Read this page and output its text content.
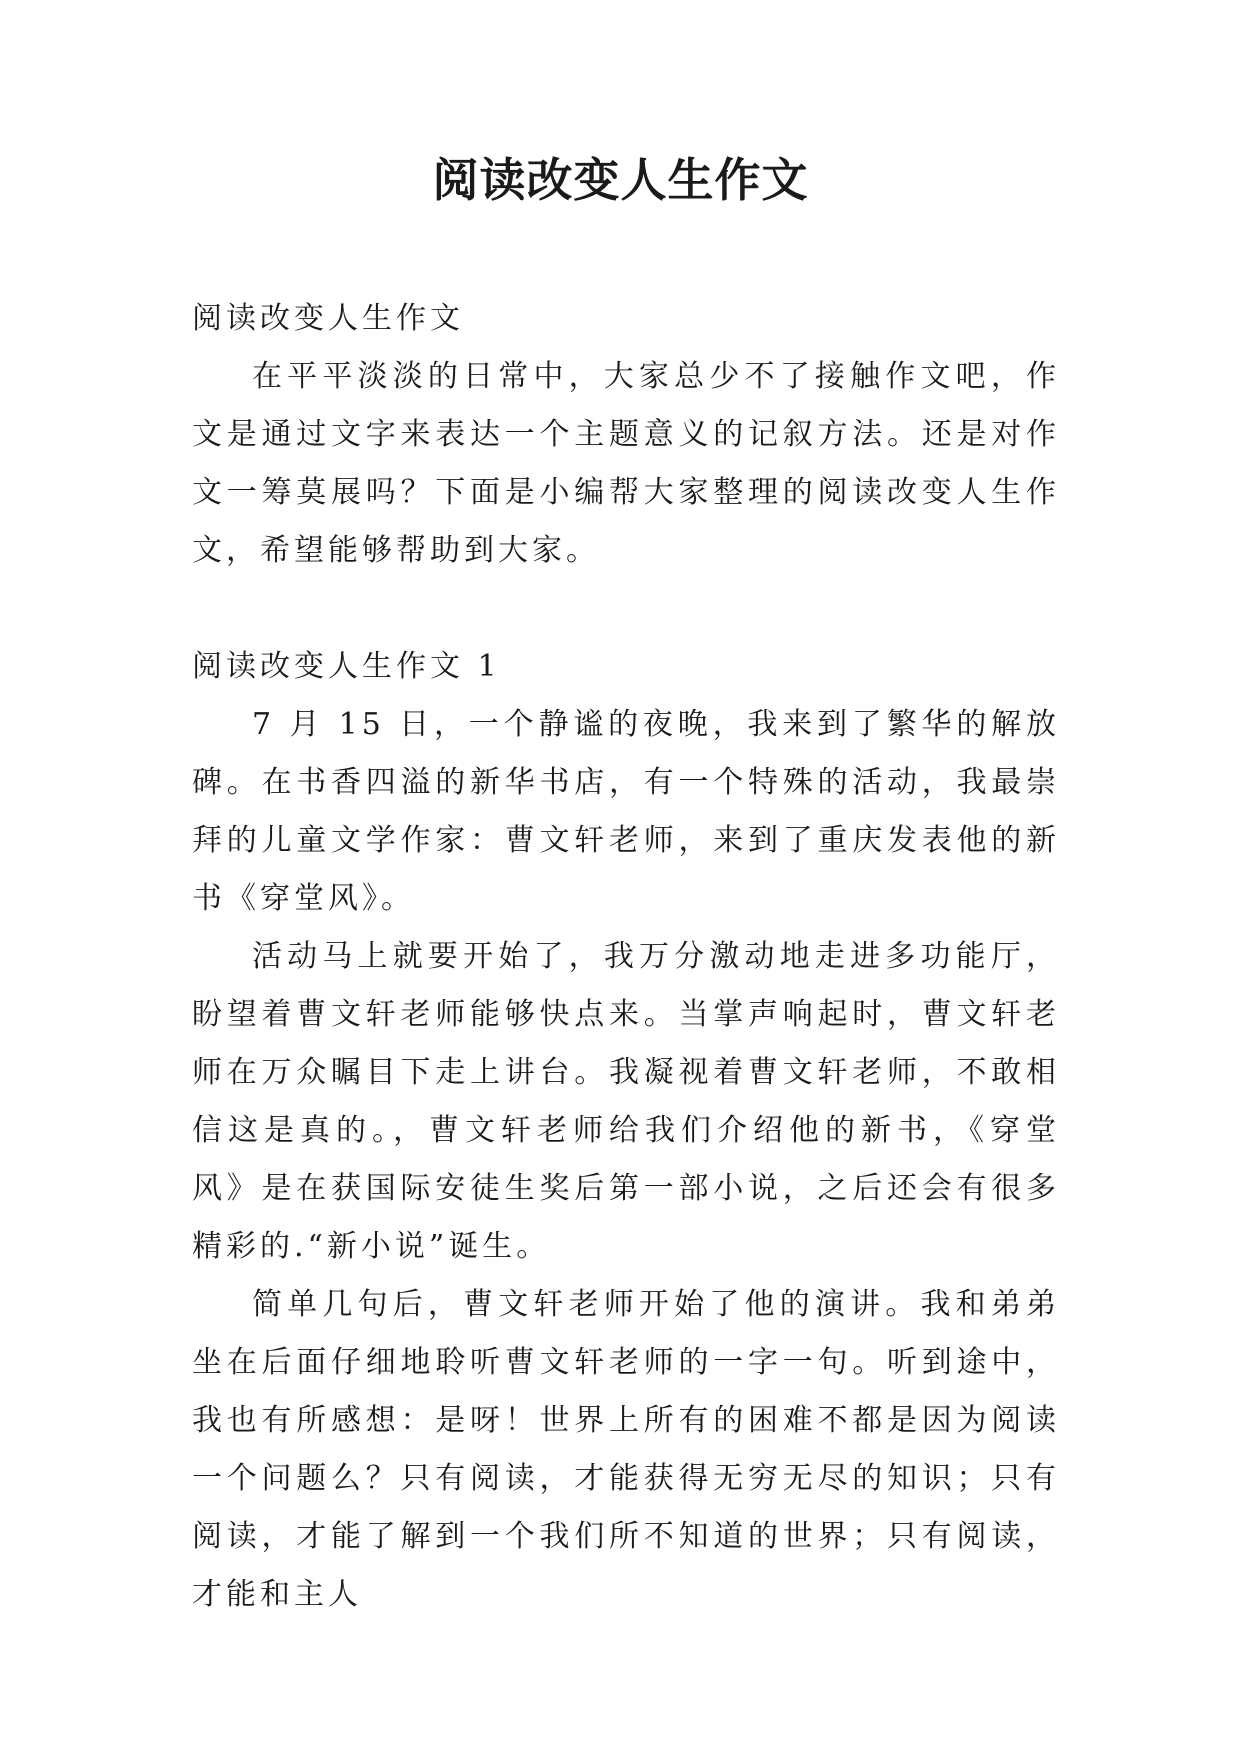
阅读改变人生作文

阅读改变人生作文

在平平淡淡的日常中，大家总少不了接触作文吧，作文是通过文字来表达一个主题意义的记叙方法。还是对作文一筹莫展吗？下面是小编帮大家整理的阅读改变人生作文，希望能够帮助到大家。

阅读改变人生作文 1

7 月 15 日，一个静谧的夜晚，我来到了繁华的解放碑。在书香四溢的新华书店，有一个特殊的活动，我最崇拜的儿童文学作家：曹文轩老师，来到了重庆发表他的新书《穿堂风》。

活动马上就要开始了，我万分激动地走进多功能厅，盼望着曹文轩老师能够快点来。当掌声响起时，曹文轩老师在万众瞩目下走上讲台。我凝视着曹文轩老师，不敢相信这是真的。，曹文轩老师给我们介绍他的新书，《穿堂风》是在获国际安徒生奖后第一部小说，之后还会有很多精彩的.“新小说”诞生。

简单几句后，曹文轩老师开始了他的演讲。我和弟弟坐在后面仔细地聆听曹文轩老师的一字一句。听到途中，我也有所感想：是呀！世界上所有的困难不都是因为阅读一个问题么？只有阅读，才能获得无穷无尽的知识；只有阅读，才能了解到一个我们所不知道的世界；只有阅读，才能和主人
